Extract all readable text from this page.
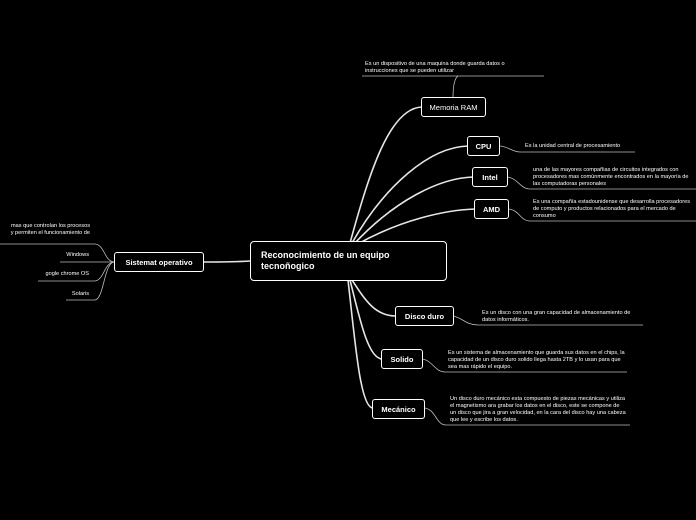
Reconocimiento de un equipo tecnoñogico
Sistemat operativo
mas que controlan los procesos
y permiten el funcionamiento de
Windows
gogle chrome OS
Solaris
Memoria RAM
Es un dispositivo de una maquina donde guarda datos o instrucciones que se pueden utilizar
CPU	Es la unidad central de procesamiento
Intel
una de las mayores compañias de circuitos integrados con procesadores mas comúnmente encontrados en la mayoría de las computadoras personales
AMD
Es una compañía estadounidense que desarrolla procesadores de computo y productos relacionados para el mercado de consumo
Disco duro	Es un disco con una gran capacidad de almacenamiento de datos informáticos.
Solido
Es un sistema de almacenamiento que guarda sus datos en el chips, la capacidad de un disco duro solido llega hasta 2TB y lo usan para que sea mas rápido el equipo.
Mecánico
Un disco duro mecánico esta compuesto de piezas mecánicas y utiliza el magnetismo ara grabar los datos en el disco, este se compone de un disco que jira a gran velocidad, en la cara del disco hay una cabeza que lee y escribe los datos.
